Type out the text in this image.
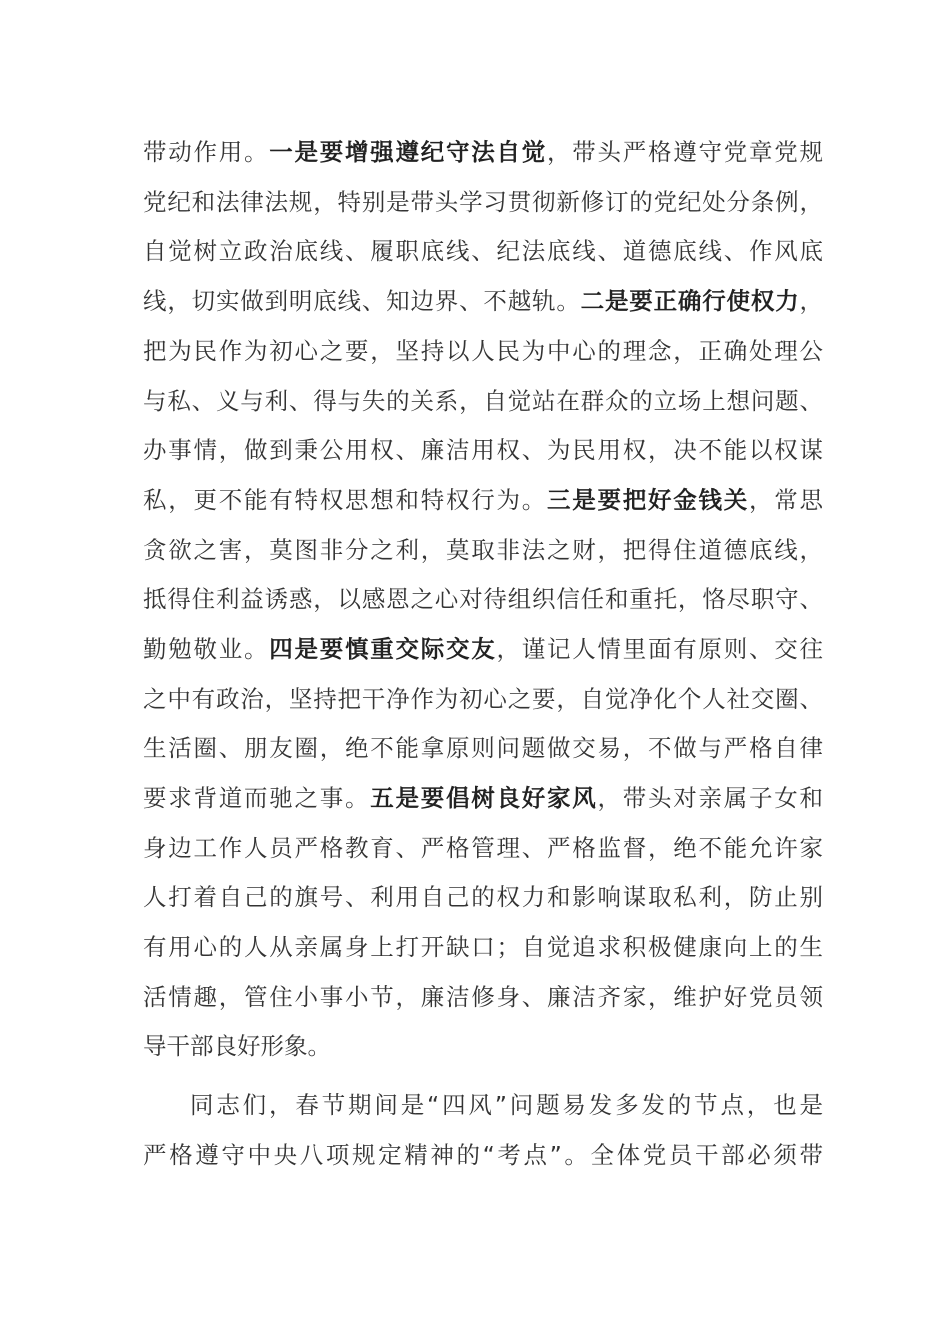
带动作用。一是要增强遵纪守法自觉，带头严格遵守党章党规
党纪和法律法规，特别是带头学习贯彻新修订的党纪处分条例，
自觉树立政治底线、履职底线、纪法底线、道德底线、作风底
线，切实做到明底线、知边界、不越轨。二是要正确行使权力，
把为民作为初心之要，坚持以人民为中心的理念，正确处理公
与私、义与利、得与失的关系，自觉站在群众的立场上想问题、
办事情，做到秉公用权、廉洁用权、为民用权，决不能以权谋
私，更不能有特权思想和特权行为。三是要把好金钱关，常思
贪欲之害，莫图非分之利，莫取非法之财，把得住道德底线，
抵得住利益诱惑，以感恩之心对待组织信任和重托，恪尽职守、
勤勉敬业。四是要慎重交际交友，谨记人情里面有原则、交往
之中有政治，坚持把干净作为初心之要，自觉净化个人社交圈、
生活圈、朋友圈，绝不能拿原则问题做交易，不做与严格自律
要求背道而驰之事。五是要倡树良好家风，带头对亲属子女和
身边工作人员严格教育、严格管理、严格监督，绝不能允许家
人打着自己的旗号、利用自己的权力和影响谋取私利，防止别
有用心的人从亲属身上打开缺口；自觉追求积极健康向上的生
活情趣，管住小事小节，廉洁修身、廉洁齐家，维护好党员领
导干部良好形象。
同志们，春节期间是“四风”问题易发多发的节点，也是
严格遵守中央八项规定精神的“考点”。全体党员干部必须带
